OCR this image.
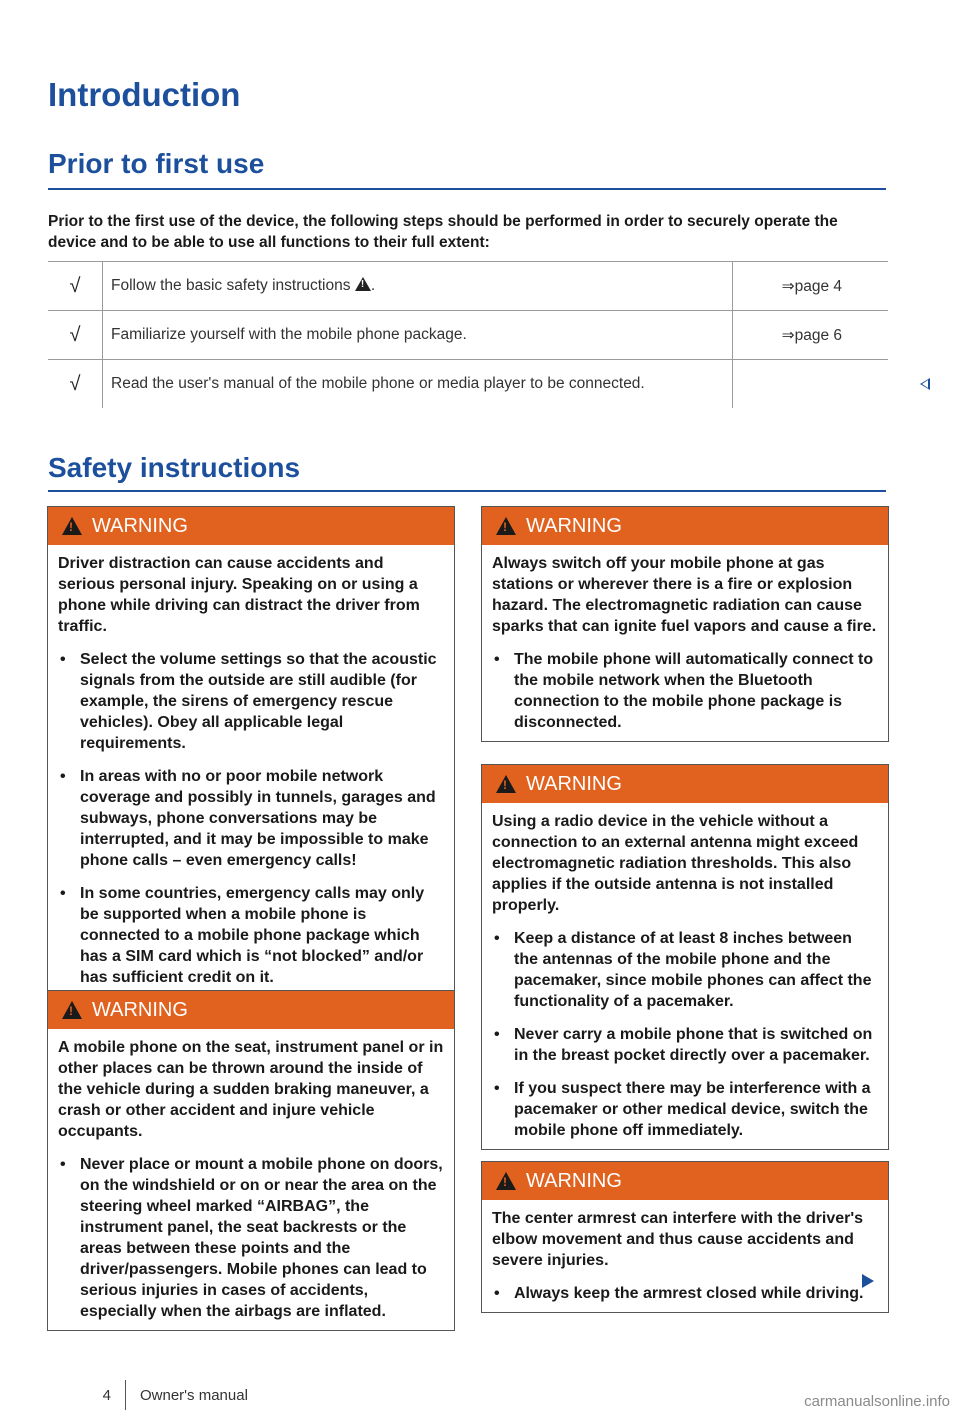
Introduction
Prior to first use
Prior to the first use of the device, the following steps should be performed in order to securely operate the device and to be able to use all functions to their full extent:
√	Follow the basic safety instructions ! .	⇒page 4
√	Familiarize yourself with the mobile phone package.	⇒page 6
√	Read the user's manual of the mobile phone or media player to be connected.	
Safety instructions
!
WARNING

Driver distraction can cause accidents and serious personal injury. Speaking on or using a phone while driving can distract the driver from traffic.

• Select the volume settings so that the acoustic signals from the outside are still audible (for example, the sirens of emergency rescue vehicles). Obey all applicable legal requirements.
• In areas with no or poor mobile network coverage and possibly in tunnels, garages and subways, phone conversations may be interrupted, and it may be impossible to make phone calls – even emergency calls!
• In some countries, emergency calls may only be supported when a mobile phone is connected to a mobile phone package which has a SIM card which is “not blocked” and/or has sufficient credit on it.
!
WARNING

A mobile phone on the seat, instrument panel or in other places can be thrown around the inside of the vehicle during a sudden braking maneuver, a crash or other accident and injure vehicle occupants.

• Never place or mount a mobile phone on doors, on the windshield or on or near the area on the steering wheel marked “AIRBAG”, the instrument panel, the seat backrests or the areas between these points and the driver/passengers. Mobile phones can lead to serious injuries in cases of accidents, especially when the airbags are inflated.
!
WARNING

Always switch off your mobile phone at gas stations or wherever there is a fire or explosion hazard. The electromagnetic radiation can cause sparks that can ignite fuel vapors and cause a fire.

• The mobile phone will automatically connect to the mobile network when the Bluetooth connection to the mobile phone package is disconnected.
!
WARNING

Using a radio device in the vehicle without a connection to an external antenna might exceed electromagnetic radiation thresholds. This also applies if the outside antenna is not installed properly.

• Keep a distance of at least 8 inches between the antennas of the mobile phone and the pacemaker, since mobile phones can affect the functionality of a pacemaker.
• Never carry a mobile phone that is switched on in the breast pocket directly over a pacemaker.
• If you suspect there may be interference with a pacemaker or other medical device, switch the mobile phone off immediately.
!
WARNING

The center armrest can interfere with the driver's elbow movement and thus cause accidents and severe injuries.

• Always keep the armrest closed while driving.
4 Owner's manual	carmanualsonline.info
